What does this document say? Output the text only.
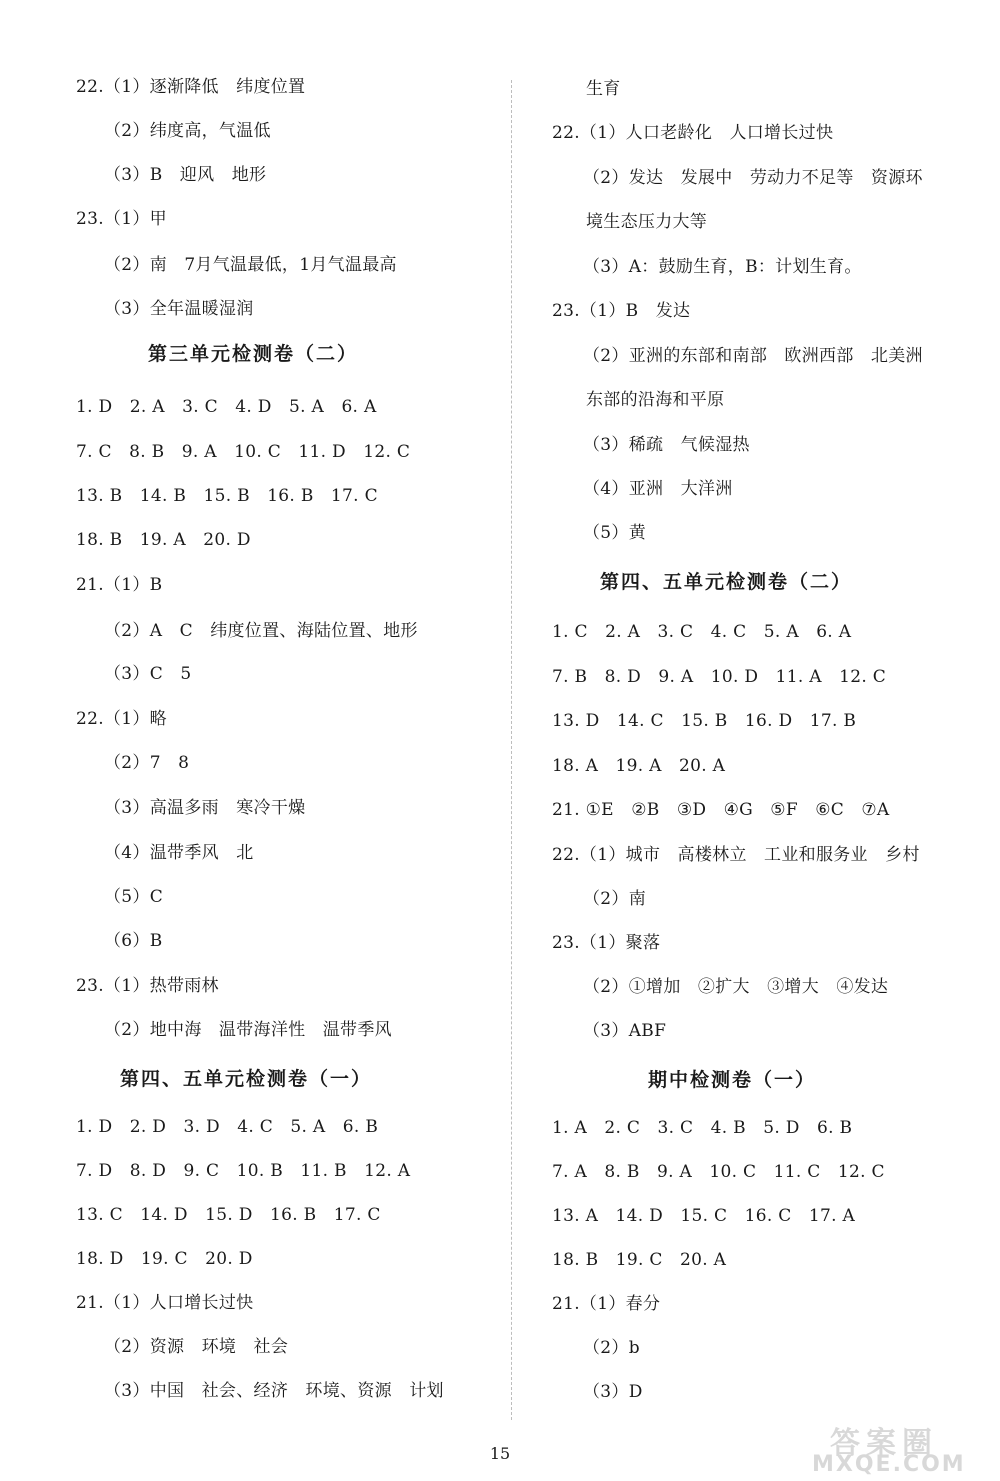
22.（1）逐渐降低　纬度位置
（2）纬度高，气温低
（3）B　迎风　地形
23.（1）甲
（2）南　7月气温最低，1月气温最高
（3）全年温暖湿润
第三单元检测卷（二）
1. D　2. A　3. C　4. D　5. A　6. A
7. C　8. B　9. A　10. C　11. D　12. C
13. B　14. B　15. B　16. B　17. C
18. B　19. A　20. D
21.（1）B
（2）A　C　纬度位置、海陆位置、地形
（3）C　5
22.（1）略
（2）7　8
（3）高温多雨　寒冷干燥
（4）温带季风　北
（5）C
（6）B
23.（1）热带雨林
（2）地中海　温带海洋性　温带季风
第四、五单元检测卷（一）
1. D　2. D　3. D　4. C　5. A　6. B
7. D　8. D　9. C　10. B　11. B　12. A
13. C　14. D　15. D　16. B　17. C
18. D　19. C　20. D
21.（1）人口增长过快
（2）资源　环境　社会
（3）中国　社会、经济　环境、资源　计划
生育
22.（1）人口老龄化　人口增长过快
（2）发达　发展中　劳动力不足等　资源环
境生态压力大等
（3）A：鼓励生育，B：计划生育。
23.（1）B　发达
（2）亚洲的东部和南部　欧洲西部　北美洲
东部的沿海和平原
（3）稀疏　气候湿热
（4）亚洲　大洋洲
（5）黄
第四、五单元检测卷（二）
1. C　2. A　3. C　4. C　5. A　6. A
7. B　8. D　9. A　10. D　11. A　12. C
13. D　14. C　15. B　16. D　17. B
18. A　19. A　20. A
21. ①E　②B　③D　④G　⑤F　⑥C　⑦A
22.（1）城市　高楼林立　工业和服务业　乡村
（2）南
23.（1）聚落
（2）①增加　②扩大　③增大　④发达
（3）ABF
期中检测卷（一）
1. A　2. C　3. C　4. B　5. D　6. B
7. A　8. B　9. A　10. C　11. C　12. C
13. A　14. D　15. C　16. C　17. A
18. B　19. C　20. A
21.（1）春分
（2）b
（3）D
15	答案圈
MXQE.COM
